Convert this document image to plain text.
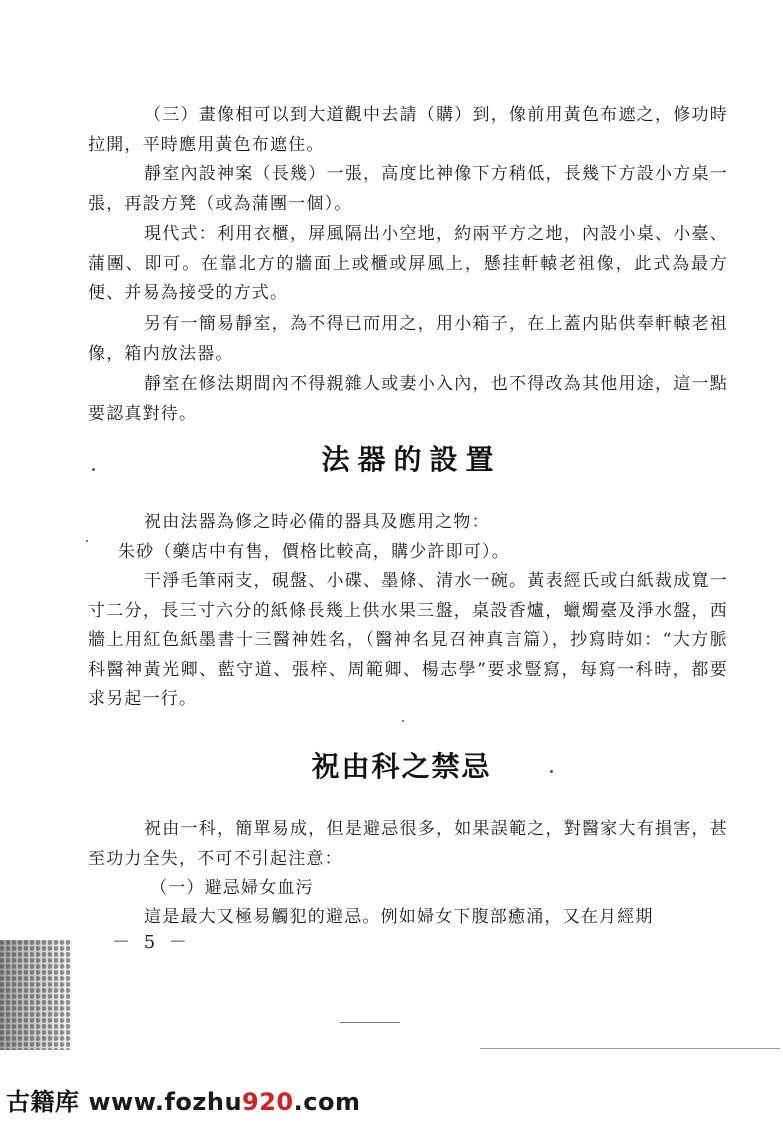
（三）畫像相可以到大道觀中去請（購）到，像前用黃色布遮之，修功時拉開，平時應用黃色布遮住。

靜室內設神案（長幾）一張，高度比神像下方稍低，長幾下方設小方桌一張，再設方凳（或為蒲團一個）。

現代式：利用衣櫃，屏風隔出小空地，約兩平方之地，內設小桌、小臺、蒲團、即可。在靠北方的牆面上或櫃或屏風上，懸挂軒轅老祖像，此式為最方便、并易為接受的方式。

另有一簡易靜室，為不得已而用之，用小箱子，在上蓋内貼供奉軒轅老祖像，箱内放法器。

靜室在修法期間內不得親雜人或妻小入內，也不得改為其他用途，這一點要認真對待。

法器的設置

祝由法器為修之時必備的器具及應用之物：

朱砂（藥店中有售，價格比較高，購少許即可）。

干淨毛筆兩支，硯盤、小碟、墨條、清水一碗。黃表經氏或白紙裁成寬一寸二分，長三寸六分的紙條長幾上供水果三盤，桌設香爐，蠟燭臺及淨水盤，西牆上用紅色紙墨書十三醫神姓名，（醫神名見召神真言篇），抄寫時如：“大方脈科醫神黃光卿、藍守道、張梓、周範卿、楊志學”要求豎寫，每寫一科時，都要求另起一行。

祝由科之禁忌

祝由一科，簡單易成，但是避忌很多，如果誤範之，對醫家大有損害，甚至功力全失，不可不引起注意：

（一）避忌婦女血污

這是最大又極易觸犯的避忌。例如婦女下腹部癒涌，又在月經期

－ 5 －

古籍库 www.fozhu920.com
